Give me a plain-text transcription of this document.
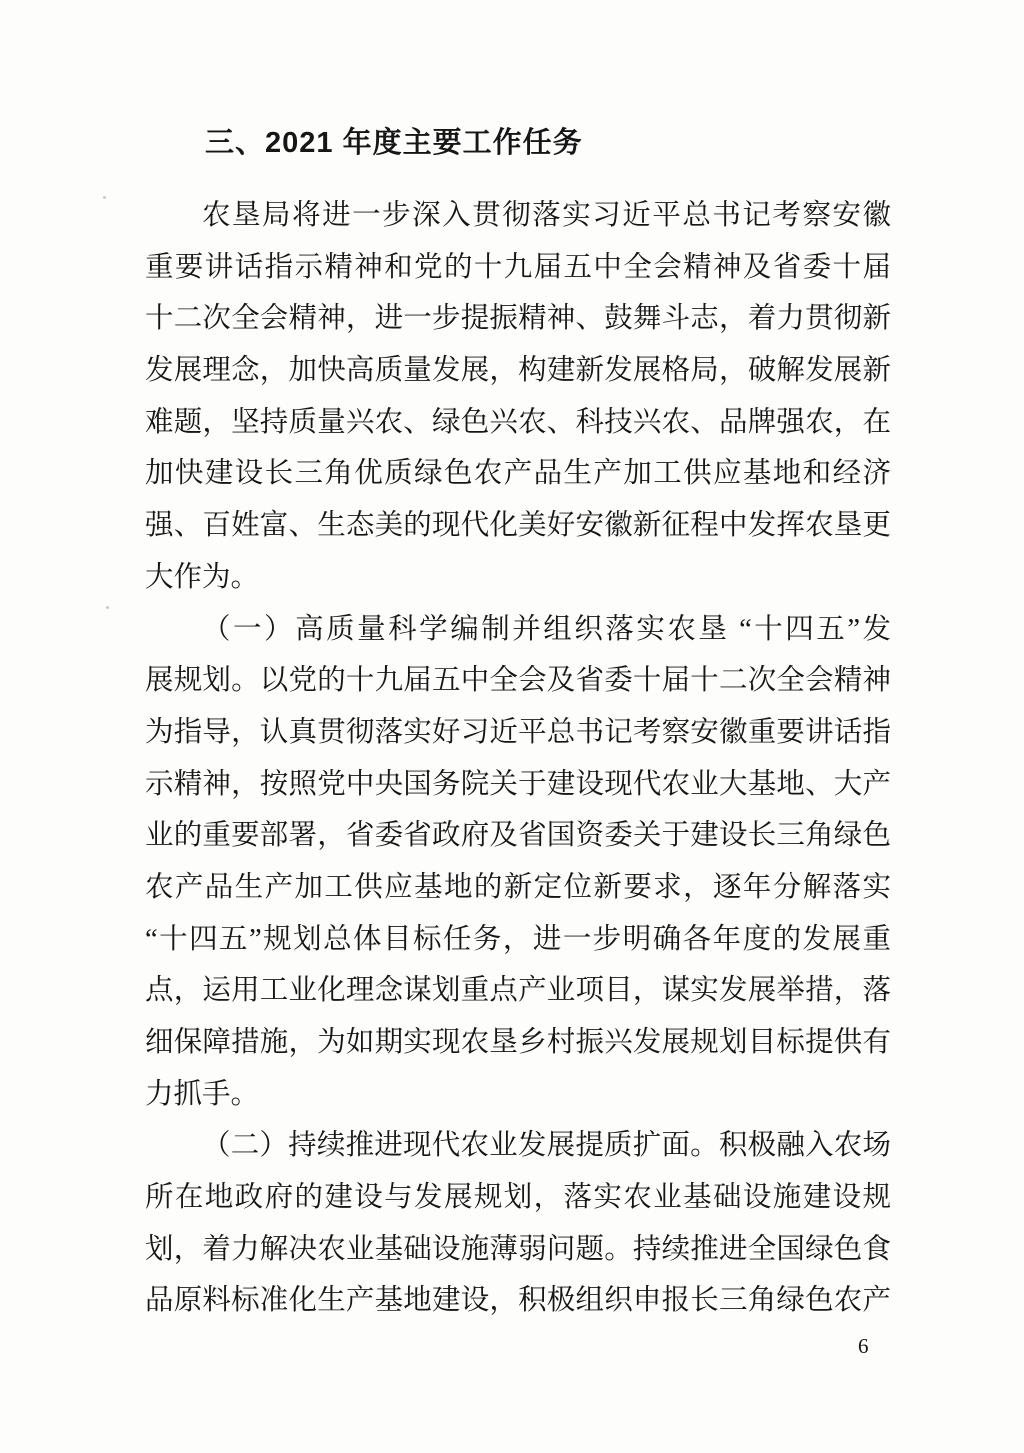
三、2021 年度主要工作任务
农垦局将进一步深入贯彻落实习近平总书记考察安徽
重要讲话指示精神和党的十九届五中全会精神及省委十届
十二次全会精神，进一步提振精神、鼓舞斗志，着力贯彻新
发展理念，加快高质量发展，构建新发展格局，破解发展新
难题，坚持质量兴农、绿色兴农、科技兴农、品牌强农，在
加快建设长三角优质绿色农产品生产加工供应基地和经济
强、百姓富、生态美的现代化美好安徽新征程中发挥农垦更
大作为。
（一）高质量科学编制并组织落实农垦 “十四五”发
展规划。以党的十九届五中全会及省委十届十二次全会精神
为指导，认真贯彻落实好习近平总书记考察安徽重要讲话指
示精神，按照党中央国务院关于建设现代农业大基地、大产
业的重要部署，省委省政府及省国资委关于建设长三角绿色
农产品生产加工供应基地的新定位新要求，逐年分解落实
“十四五”规划总体目标任务，进一步明确各年度的发展重
点，运用工业化理念谋划重点产业项目，谋实发展举措，落
细保障措施，为如期实现农垦乡村振兴发展规划目标提供有
力抓手。
（二）持续推进现代农业发展提质扩面。积极融入农场
所在地政府的建设与发展规划，落实农业基础设施建设规
划，着力解决农业基础设施薄弱问题。持续推进全国绿色食
品原料标准化生产基地建设，积极组织申报长三角绿色农产
6
